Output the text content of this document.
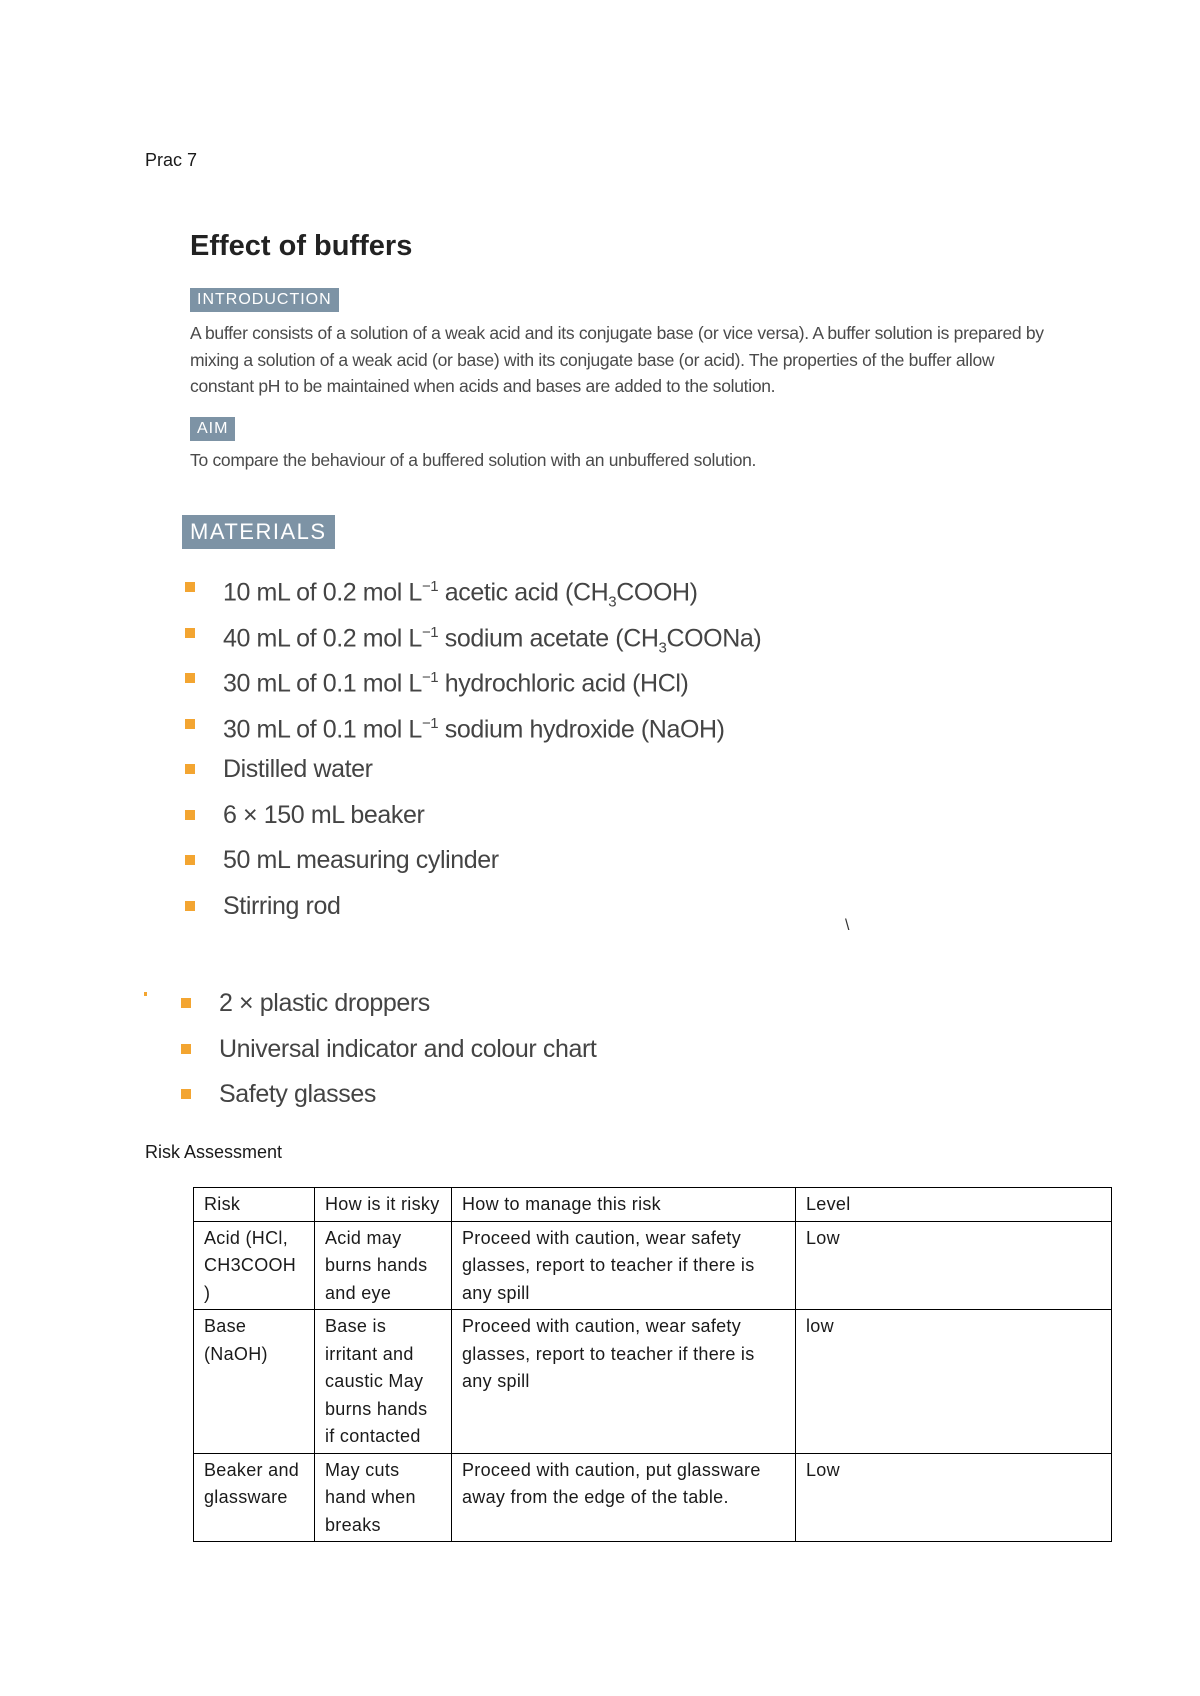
Prac 7
Effect of buffers
INTRODUCTION
A buffer consists of a solution of a weak acid and its conjugate base (or vice versa). A buffer solution is prepared by mixing a solution of a weak acid (or base) with its conjugate base (or acid). The properties of the buffer allow constant pH to be maintained when acids and bases are added to the solution.
AIM
To compare the behaviour of a buffered solution with an unbuffered solution.
MATERIALS
10 mL of 0.2 mol $L^{-1}$ acetic acid $(CH_3COOH)$
40 mL of 0.2 mol $L^{-1}$ sodium acetate $(CH_3COONa)$
30 mL of 0.1 mol $L^{-1}$ hydrochloric acid (HCl)
30 mL of 0.1 mol $L^{-1}$ sodium hydroxide (NaOH)
Distilled water
6 × 150 mL beaker
50 mL measuring cylinder
Stirring rod
\
2 × plastic droppers
Universal indicator and colour chart
Safety glasses
Risk Assessment
Risk	How is it risky	How to manage this risk	Level
Acid (HCl, CH3COOH )	Acid may burns hands and eye	Proceed with caution, wear safety glasses, report to teacher if there is any spill	Low
Base (NaOH)	Base is irritant and caustic May burns hands if contacted	Proceed with caution, wear safety glasses, report to teacher if there is any spill	low
Beaker and glassware	May cuts hand when breaks	Proceed with caution, put glassware away from the edge of the table.	Low
